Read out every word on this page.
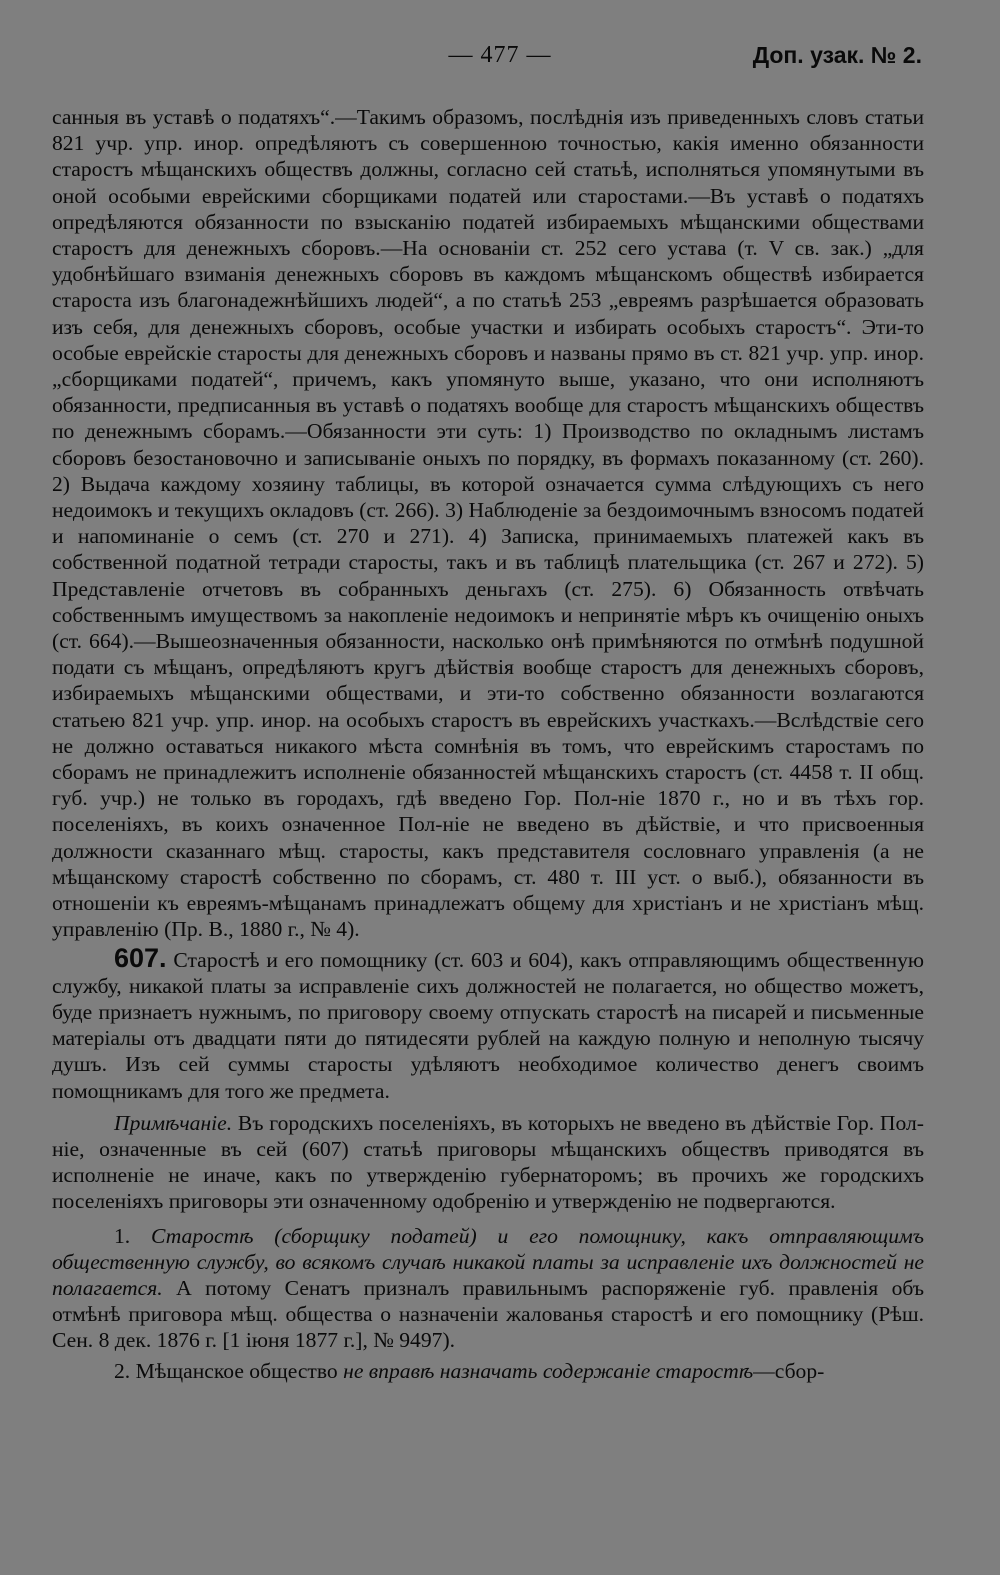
— 477 —	Доп. узак. № 2.

санныя въ уставѣ о податяхъ“.—Такимъ образомъ, послѣднія изъ приведенныхъ словъ статьи 821 учр. упр. инор. опредѣляютъ съ совершенною точностью, какія именно обязанности старостъ мѣщанскихъ обществъ должны, согласно сей статьѣ, исполняться упомянутыми въ оной особыми еврейскими сборщиками податей или старостами.—Въ уставѣ о податяхъ опредѣляются обязанности по взысканію податей избираемыхъ мѣщанскими обществами старостъ для денежныхъ сборовъ.—На основаніи ст. 252 сего устава (т. V св. зак.) „для удобнѣйшаго взиманія денежныхъ сборовъ въ каждомъ мѣщанскомъ обществѣ избирается староста изъ благонадежнѣйшихъ людей“, а по статьѣ 253 „евреямъ разрѣшается образовать изъ себя, для денежныхъ сборовъ, особые участки и избирать особыхъ старостъ“. Эти-то особые еврейскіе старосты для денежныхъ сборовъ и названы прямо въ ст. 821 учр. упр. инор. „сборщиками податей“, причемъ, какъ упомянуто выше, указано, что они исполняютъ обязанности, предписанныя въ уставѣ о податяхъ вообще для старостъ мѣщанскихъ обществъ по денежнымъ сборамъ.—Обязанности эти суть: 1) Производство по окладнымъ листамъ сборовъ безостановочно и записываніе оныхъ по порядку, въ формахъ показанному (ст. 260). 2) Выдача каждому хозяину таблицы, въ которой означается сумма слѣдующихъ съ него недоимокъ и текущихъ окладовъ (ст. 266). 3) Наблюденіе за бездоимочнымъ взносомъ податей и напоминаніе о семъ (ст. 270 и 271). 4) Записка, принимаемыхъ платежей какъ въ собственной податной тетради старосты, такъ и въ таблицѣ плательщика (ст. 267 и 272). 5) Представленіе отчетовъ въ собранныхъ деньгахъ (ст. 275). 6) Обязанность отвѣчать собственнымъ имуществомъ за накопленіе недоимокъ и непринятіе мѣръ къ очищенію оныхъ (ст. 664).—Вышеозначенныя обязанности, насколько онѣ примѣняются по отмѣнѣ подушной подати съ мѣщанъ, опредѣляютъ кругъ дѣйствія вообще старостъ для денежныхъ сборовъ, избираемыхъ мѣщанскими обществами, и эти-то собственно обязанности возлагаются статьею 821 учр. упр. инор. на особыхъ старостъ въ еврейскихъ участкахъ.—Вслѣдствіе сего не должно оставаться никакого мѣста сомнѣнія въ томъ, что еврейскимъ старостамъ по сборамъ не принадлежитъ исполненіе обязанностей мѣщанскихъ старостъ (ст. 4458 т. II общ. губ. учр.) не только въ городахъ, гдѣ введено Гор. Пол-ніе 1870 г., но и въ тѣхъ гор. поселеніяхъ, въ коихъ означенное Пол-ніе не введено въ дѣйствіе, и что присвоенныя должности сказаннаго мѣщ. старосты, какъ представителя сословнаго управленія (а не мѣщанскому старостѣ собственно по сборамъ, ст. 480 т. III уст. о выб.), обязанности въ отношеніи къ евреямъ-мѣщанамъ принадлежатъ общему для христіанъ и не христіанъ мѣщ. управленію (Пр. В., 1880 г., № 4).

607. Старостѣ и его помощнику (ст. 603 и 604), какъ отправляющимъ общественную службу, никакой платы за исправленіе сихъ должностей не полагается, но общество можетъ, буде признаетъ нужнымъ, по приговору своему отпускать старостѣ на писарей и письменные матеріалы отъ двадцати пяти до пятидесяти рублей на каждую полную и неполную тысячу душъ. Изъ сей суммы старосты удѣляютъ необходимое количество денегъ своимъ помощникамъ для того же предмета.

Примѣчаніе. Въ городскихъ поселеніяхъ, въ которыхъ не введено въ дѣйствіе Гор. Пол-ніе, означенные въ сей (607) статьѣ приговоры мѣщанскихъ обществъ приводятся въ исполненіе не иначе, какъ по утвержденію губернаторомъ; въ прочихъ же городскихъ поселеніяхъ приговоры эти означенному одобренію и утвержденію не подвергаются.

1. Старостѣ (сборщику податей) и его помощнику, какъ отправляющимъ общественную службу, во всякомъ случаѣ никакой платы за исправленіе ихъ должностей не полагается. А потому Сенатъ призналъ правильнымъ распоряженіе губ. правленія объ отмѣнѣ приговора мѣщ. общества о назначеніи жалованья старостѣ и его помощнику (Рѣш. Сен. 8 дек. 1876 г. [1 іюня 1877 г.], № 9497).

2. Мѣщанское общество не вправѣ назначать содержаніе старостѣ—сбор-
